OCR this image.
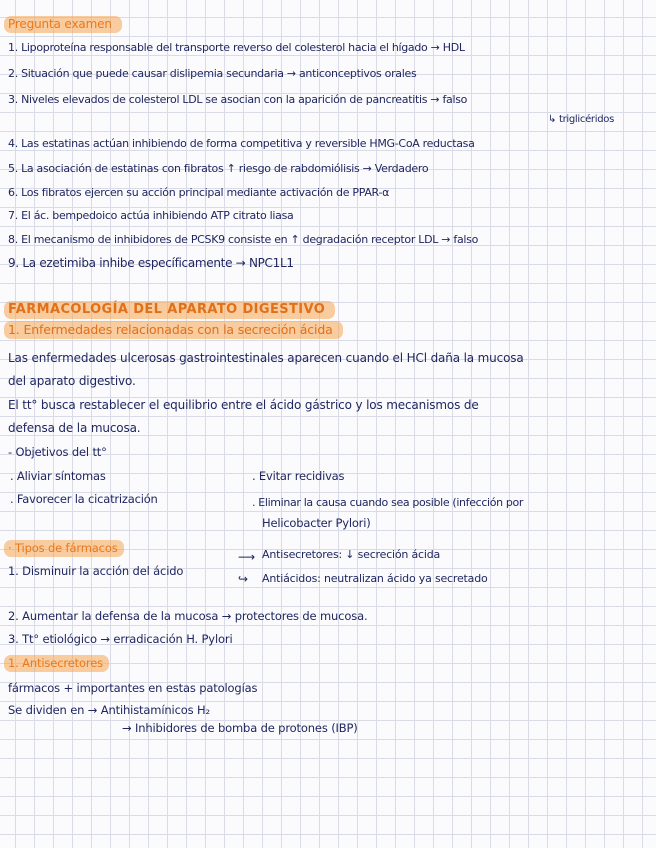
Pregunta examen
1. Lipoproteína responsable del transporte reverso del colesterol hacia el hígado → HDL
2. Situación que puede causar dislipemia secundaria → anticonceptivos orales
3. Niveles elevados de colesterol LDL se asocian con la aparición de pancreatitis → falso
↳ triglicéridos
4. Las estatinas actúan inhibiendo de forma competitiva y reversible HMG-CoA reductasa
5. La asociación de estatinas con fibratos ↑ riesgo de rabdomiólisis → Verdadero
6. Los fibratos ejercen su acción principal mediante activación de PPAR-α
7. El ác. bempedoico actúa inhibiendo ATP citrato liasa
8. El mecanismo de inhibidores de PCSK9 consiste en ↑ degradación receptor LDL → falso
9. La ezetimiba inhibe específicamente → NPC1L1
FARMACOLOGÍA DEL APARATO DIGESTIVO
1. Enfermedades relacionadas con la secreción ácida
Las enfermedades ulcerosas gastrointestinales aparecen cuando el HCl daña la mucosa
del aparato digestivo.
El tt° busca restablecer el equilibrio entre el ácido gástrico y los mecanismos de
defensa de la mucosa.
- Objetivos del tt°
. Aliviar síntomas	. Evitar recidivas
. Favorecer la cicatrización	. Eliminar la causa cuando sea posible (infección por
Helicobacter Pylori)
· Tipos de fármacos
1. Disminuir la acción del ácido
⟶ Antisecretores: ↓ secreción ácida
↪ Antiácidos: neutralizan ácido ya secretado
2. Aumentar la defensa de la mucosa → protectores de mucosa.
3. Tt° etiológico → erradicación H. Pylori
1. Antisecretores
fármacos + importantes en estas patologías
Se dividen en → Antihistamínicos H₂
→ Inhibidores de bomba de protones (IBP)
